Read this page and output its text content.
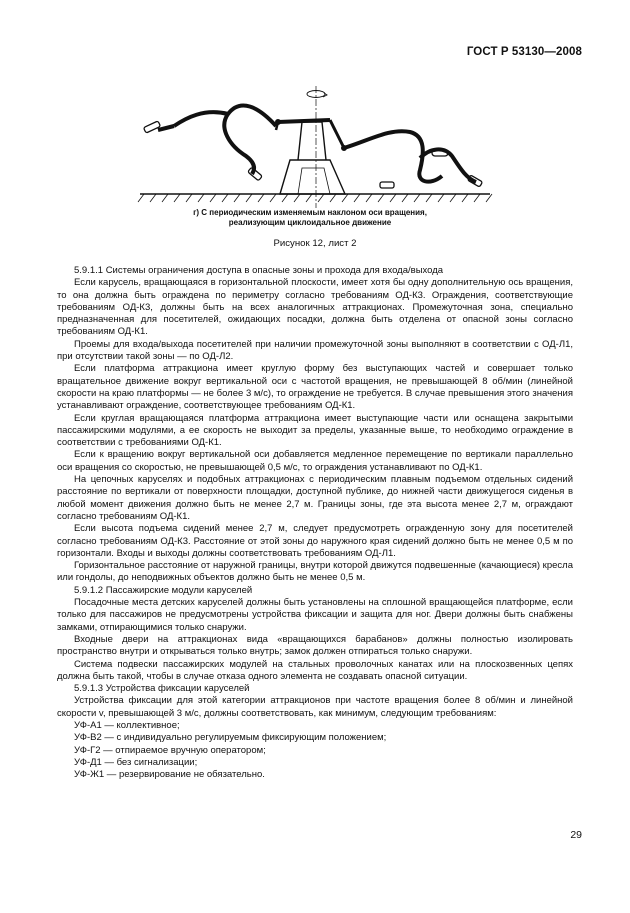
ГОСТ Р 53130—2008
г) С периодическим изменяемым наклоном оси вращения,
реализующим циклоидальное движение
Рисунок 12, лист 2

5.9.1.1 Системы ограничения доступа в опасные зоны и прохода для входа/выхода

Если карусель, вращающаяся в горизонтальной плоскости, имеет хотя бы одну дополнительную ось вращения, то она должна быть ограждена по периметру согласно требованиям ОД-К3. Ограждения, соответствующие требованиям ОД-К3, должны быть на всех аналогичных аттракционах. Промежуточная зона, специально предназначенная для посетителей, ожидающих посадки, должна быть отделена от опасной зоны согласно требованиям ОД-К1.

Проемы для входа/выхода посетителей при наличии промежуточной зоны выполняют в соответствии с ОД-Л1, при отсутствии такой зоны — по ОД-Л2.

Если платформа аттракциона имеет круглую форму без выступающих частей и совершает только вращательное движение вокруг вертикальной оси с частотой вращения, не превышающей 8 об/мин (линейной скорости на краю платформы — не более 3 м/с), то ограждение не требуется. В случае превышения этого значения устанавливают ограждение, соответствующее требованиям ОД-К1.

Если круглая вращающаяся платформа аттракциона имеет выступающие части или оснащена закрытыми пассажирскими модулями, а ее скорость не выходит за пределы, указанные выше, то необходимо ограждение в соответствии с требованиями ОД-К1.

Если к вращению вокруг вертикальной оси добавляется медленное перемещение по вертикали параллельно оси вращения со скоростью, не превышающей 0,5 м/с, то ограждения устанавливают по ОД-К1.

На цепочных каруселях и подобных аттракционах с периодическим плавным подъемом отдельных сидений расстояние по вертикали от поверхности площадки, доступной публике, до нижней части движущегося сиденья в любой момент движения должно быть не менее 2,7 м. Границы зоны, где эта высота менее 2,7 м, ограждают согласно требованиям ОД-К1.

Если высота подъема сидений менее 2,7 м, следует предусмотреть огражденную зону для посетителей согласно требованиям ОД-К3. Расстояние от этой зоны до наружного края сидений должно быть не менее 0,5 м по горизонтали. Входы и выходы должны соответствовать требованиям ОД-Л1.

Горизонтальное расстояние от наружной границы, внутри которой движутся подвешенные (качающиеся) кресла или гондолы, до неподвижных объектов должно быть не менее 0,5 м.

5.9.1.2 Пассажирские модули каруселей

Посадочные места детских каруселей должны быть установлены на сплошной вращающейся платформе, если только для пассажиров не предусмотрены устройства фиксации и защита для ног. Двери должны быть снабжены замками, отпирающимися только снаружи.

Входные двери на аттракционах вида «вращающихся барабанов» должны полностью изолировать пространство внутри и открываться только внутрь; замок должен отпираться только снаружи.

Система подвески пассажирских модулей на стальных проволочных канатах или на плоскозвенных цепях должна быть такой, чтобы в случае отказа одного элемента не создавать опасной ситуации.

5.9.1.3 Устройства фиксации каруселей

Устройства фиксации для этой категории аттракционов при частоте вращения более 8 об/мин и линейной скорости v, превышающей 3 м/с, должны соответствовать, как минимум, следующим требованиям:

УФ-А1 — коллективное;

УФ-В2 — с индивидуально регулируемым фиксирующим положением;

УФ-Г2 — отпираемое вручную оператором;

УФ-Д1 — без сигнализации;

УФ-Ж1 — резервирование не обязательно.

29
